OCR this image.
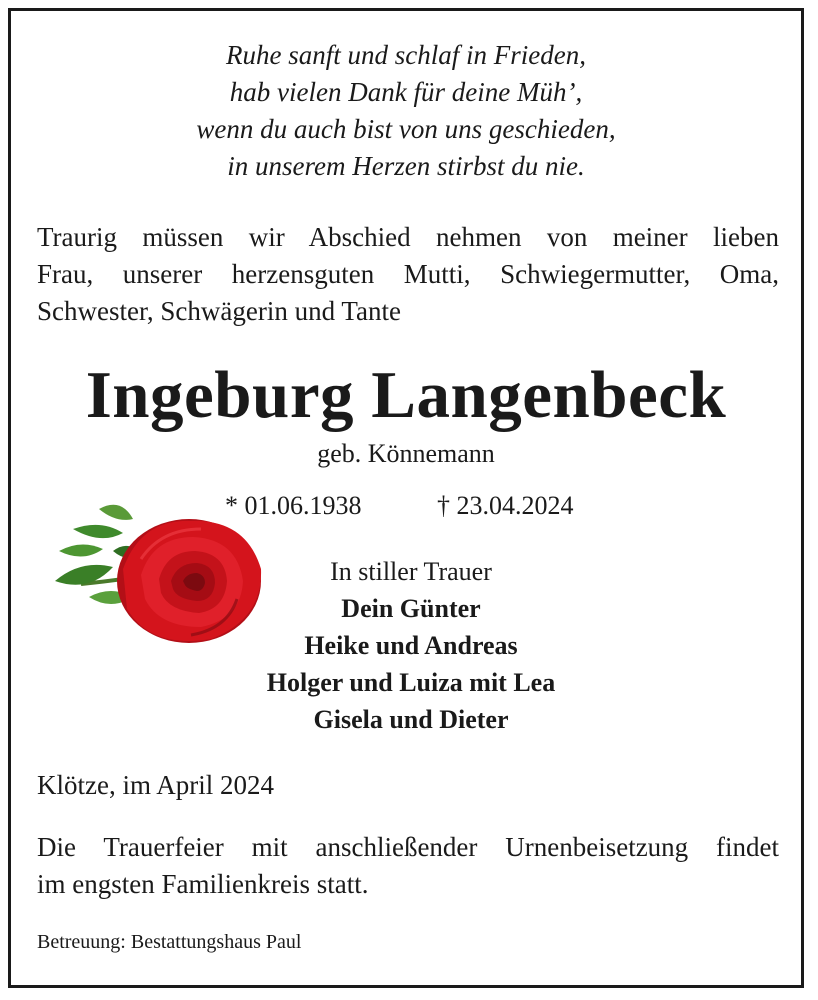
Ruhe sanft und schlaf in Frieden,
hab vielen Dank für deine Müh’,
wenn du auch bist von uns geschieden,
in unserem Herzen stirbst du nie.
Traurig müssen wir Abschied nehmen von meiner lieben
Frau, unserer herzensguten Mutti, Schwiegermutter, Oma,
Schwester, Schwägerin und Tante
Ingeburg Langenbeck
geb. Könnemann
* 01.06.1938	† 23.04.2024
In stiller Trauer
Dein Günter
Heike und Andreas
Holger und Luiza mit Lea
Gisela und Dieter
Klötze, im April 2024
Die Trauerfeier mit anschließender Urnenbeisetzung findet
im engsten Familienkreis statt.
Betreuung: Bestattungshaus Paul
